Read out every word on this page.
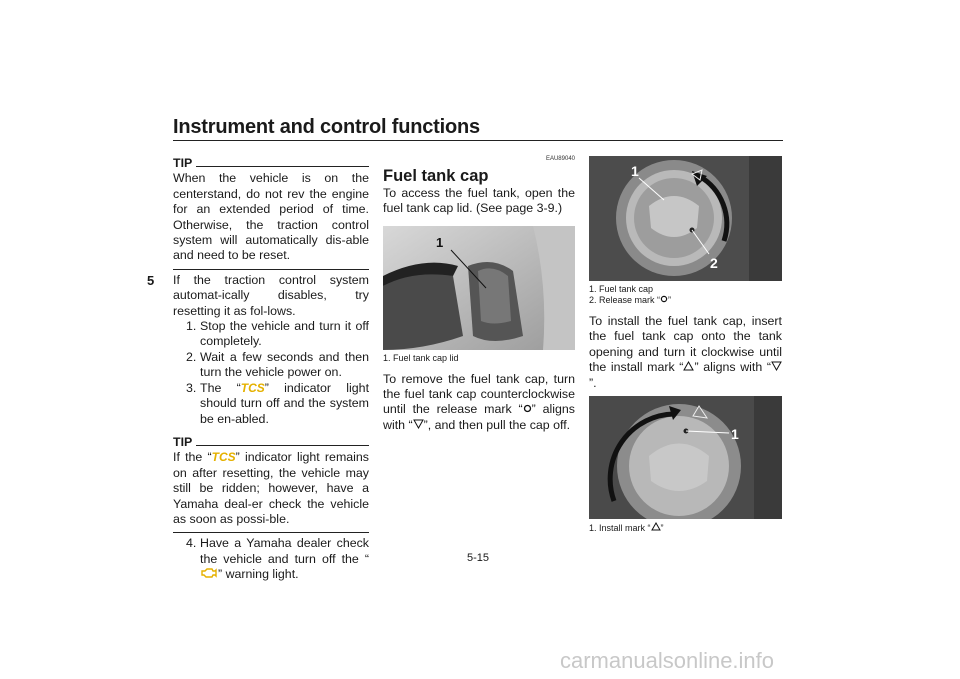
Instrument and control functions
5
TIP

When the vehicle is on the centerstand, do not rev the engine for an extended period of time. Otherwise, the traction control system will automatically dis-able and need to be reset.

If the traction control system automat-ically disables, try resetting it as fol-lows.

1. Stop the vehicle and turn it off completely.
2. Wait a few seconds and then turn the vehicle power on.
3. The “TCS” indicator light should turn off and the system be en-abled.
TIP

If the “TCS” indicator light remains on after resetting, the vehicle may still be ridden; however, have a Yamaha deal-er check the vehicle as soon as possi-ble.

4. Have a Yamaha dealer check the vehicle and turn off the “” warning light.
EAU89040
Fuel tank cap

To access the fuel tank, open the fuel tank cap lid. (See page 3-9.)

1
1. Fuel tank cap lid

To remove the fuel tank cap, turn the fuel tank cap counterclockwise until the release mark “ ” aligns with “ ”, and then pull the cap off.

1
2
1. Fuel tank cap
2. Release mark “ ”

To install the fuel tank cap, insert the fuel tank cap onto the tank opening and turn it clockwise until the install mark “ ” aligns with “”.

1
1. Install mark “ ”
5-15
carmanualsonline.info
